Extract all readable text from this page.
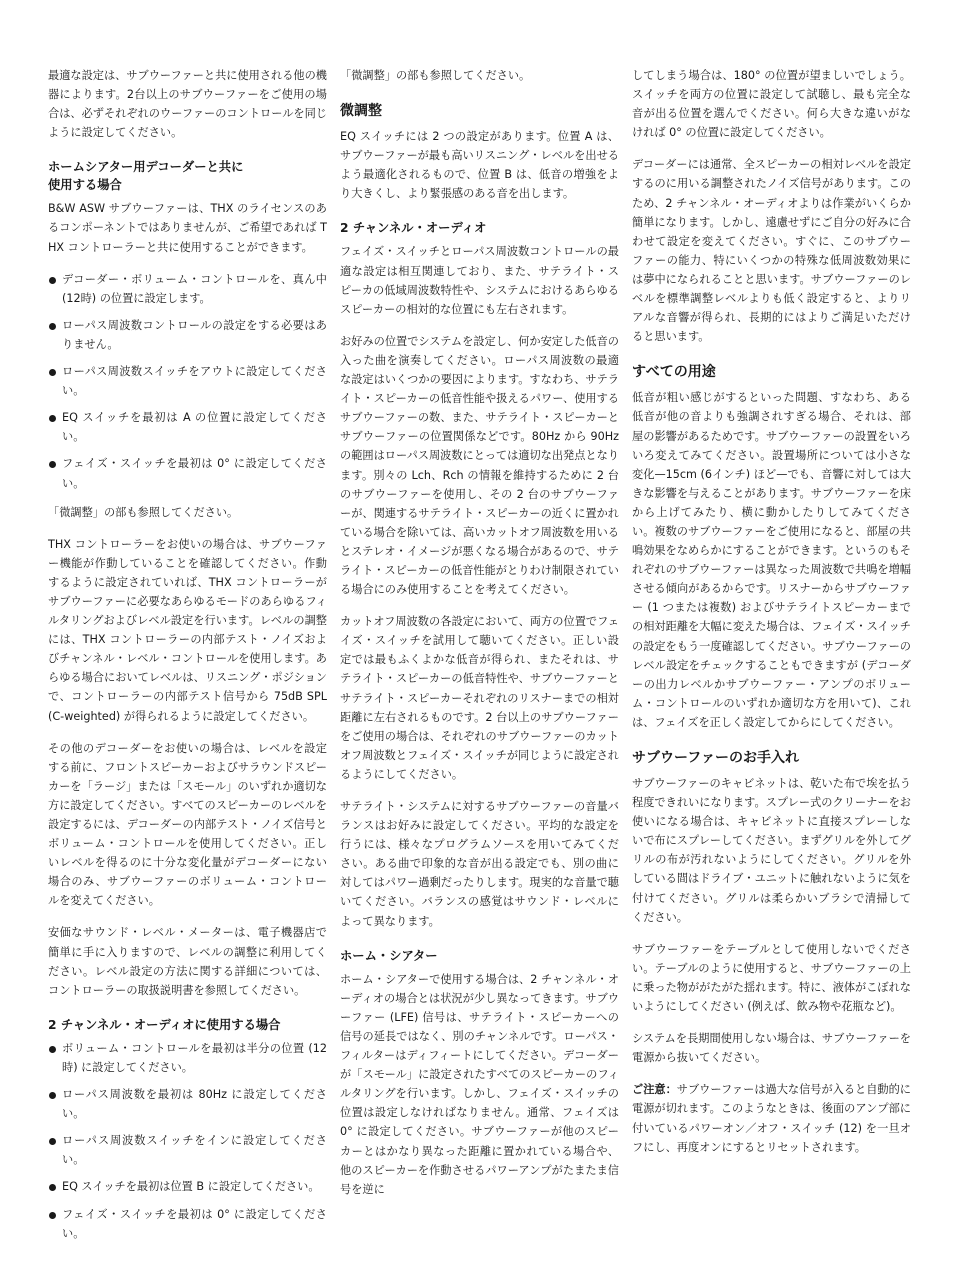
最適な設定は、サブウーファーと共に使用される他の機器によります。2台以上のサブウーファーをご使用の場合は、必ずそれぞれのウーファーのコントロールを同じように設定してください。

ホームシアター用デコーダーと共に
使用する場合

B&W ASW サブウーファーは、THX のライセンスのあるコンポーネントではありませんが、ご希望であれば THX コントローラーと共に使用することができます。

デコーダー・ボリューム・コントロールを、真ん中 (12時) の位置に設定します。
ローパス周波数コントロールの設定をする必要はありません。
ローパス周波数スイッチをアウトに設定してください。
EQ スイッチを最初は A の位置に設定してください。
フェイズ・スイッチを最初は 0° に設定してください。

「微調整」の部も参照してください。

THX コントローラーをお使いの場合は、サブウーファー機能が作動していることを確認してください。作動するように設定されていれば、THX コントローラーがサブウーファーに必要なあらゆるモードのあらゆるフィルタリングおよびレベル設定を行います。レベルの調整には、THX コントローラーの内部テスト・ノイズおよびチャンネル・レベル・コントロールを使用します。あらゆる場合においてレベルは、リスニング・ポジションで、コントローラーの内部テスト信号から 75dB SPL (C-weighted) が得られるように設定してください。

その他のデコーダーをお使いの場合は、レベルを設定する前に、フロントスピーカーおよびサラウンドスピーカーを「ラージ」または「スモール」のいずれか適切な方に設定してください。すべてのスピーカーのレベルを設定するには、デコーダーの内部テスト・ノイズ信号とボリューム・コントロールを使用してください。正しいレベルを得るのに十分な変化量がデコーダーにない場合のみ、サブウーファーのボリューム・コントロールを変えてください。

安価なサウンド・レベル・メーターは、電子機器店で簡単に手に入りますので、レベルの調整に利用してください。レベル設定の方法に関する詳細については、コントローラーの取扱説明書を参照してください。

2 チャンネル・オーディオに使用する場合
ボリューム・コントロールを最初は半分の位置 (12時) に設定してください。
ローパス周波数を最初は 80Hz に設定してください。
ローパス周波数スイッチをインに設定してください。
EQ スイッチを最初は位置 B に設定してください。
フェイズ・スイッチを最初は 0° に設定してください。

「微調整」の部も参照してください。

微調整

EQ スイッチには 2 つの設定があります。位置 A は、サブウーファーが最も高いリスニング・レベルを出せるよう最適化されるもので、位置 B は、低音の増強をより大きくし、より緊張感のある音を出します。

2 チャンネル・オーディオ

フェイズ・スイッチとローパス周波数コントロールの最適な設定は相互関連しており、また、サテライト・スピーカの低域周波数特性や、システムにおけるあらゆるスピーカーの相対的な位置にも左右されます。

お好みの位置でシステムを設定し、何か安定した低音の入った曲を演奏してください。ローパス周波数の最適な設定はいくつかの要因によります。すなわち、サテライト・スピーカーの低音性能や扱えるパワー、使用するサブウーファーの数、また、サテライト・スピーカーとサブウーファーの位置関係などです。80Hz から 90Hz の範囲はローパス周波数にとっては適切な出発点となります。別々の Lch、Rch の情報を維持するために 2 台のサブウーファーを使用し、その 2 台のサブウーファーが、関連するサテライト・スピーカーの近くに置かれている場合を除いては、高いカットオフ周波数を用いるとステレオ・イメージが悪くなる場合があるので、サテライト・スピーカーの低音性能がとりわけ制限されている場合にのみ使用することを考えてください。

カットオフ周波数の各設定において、両方の位置でフェイズ・スイッチを試用して聴いてください。正しい設定では最もふくよかな低音が得られ、またそれは、サテライト・スピーカーの低音特性や、サブウーファーとサテライト・スピーカーそれぞれのリスナーまでの相対距離に左右されるものです。2 台以上のサブウーファーをご使用の場合は、それぞれのサブウーファーのカットオフ周波数とフェイズ・スイッチが同じように設定されるようにしてください。

サテライト・システムに対するサブウーファーの音量バランスはお好みに設定してください。平均的な設定を行うには、様々なプログラムソースを用いてみてください。ある曲で印象的な音が出る設定でも、別の曲に対してはパワー過剰だったりします。現実的な音量で聴いてください。バランスの感覚はサウンド・レベルによって異なります。

ホーム・シアター

ホーム・シアターで使用する場合は、2 チャンネル・オーディオの場合とは状況が少し異なってきます。サブウーファー (LFE) 信号は、サテライト・スピーカーへの信号の延長ではなく、別のチャンネルです。ローパス・フィルターはディフィートにしてください。デコーダーが「スモール」に設定されたすべてのスピーカーのフィルタリングを行います。しかし、フェイズ・スイッチの位置は設定しなければなりません。通常、フェイズは 0° に設定してください。サブウーファーが他のスピーカーとはかなり異なった距離に置かれている場合や、他のスピーカーを作動させるパワーアンプがたまたま信号を逆に

してしまう場合は、180° の位置が望ましいでしょう。スイッチを両方の位置に設定して試聴し、最も完全な音が出る位置を選んでください。何ら大きな違いがなければ 0° の位置に設定してください。

デコーダーには通常、全スピーカーの相対レベルを設定するのに用いる調整されたノイズ信号があります。このため、2 チャンネル・オーディオよりは作業がいくらか簡単になります。しかし、遠慮せずにご自分の好みに合わせて設定を変えてください。すぐに、このサブウーファーの能力、特にいくつかの特殊な低周波数効果には夢中になられることと思います。サブウーファーのレベルを標準調整レベルよりも低く設定すると、よりリアルな音響が得られ、長期的にはよりご満足いただけると思います。

すべての用途

低音が粗い感じがするといった問題、すなわち、ある低音が他の音よりも強調されすぎる場合、それは、部屋の影響があるためです。サブウーファーの設置をいろいろ変えてみてください。設置場所については小さな変化—15cm (6インチ) ほど—でも、音響に対しては大きな影響を与えることがあります。サブウーファーを床から上げてみたり、横に動かしたりしてみてください。複数のサブウーファーをご使用になると、部屋の共鳴効果をなめらかにすることができます。というのもそれぞれのサブウーファーは異なった周波数で共鳴を増幅させる傾向があるからです。リスナーからサブウーファー (1 つまたは複数) およびサテライトスピーカーまでの相対距離を大幅に変えた場合は、フェイズ・スイッチの設定をもう一度確認してください。サブウーファーのレベル設定をチェックすることもできますが (デコーダーの出力レベルかサブウーファー・アンプのボリューム・コントロールのいずれか適切な方を用いて)、これは、フェイズを正しく設定してからにしてください。

サブウーファーのお手入れ

サブウーファーのキャビネットは、乾いた布で埃を払う程度できれいになります。スプレー式のクリーナーをお使いになる場合は、キャビネットに直接スプレーしないで布にスプレーしてください。まずグリルを外してグリルの布が汚れないようにしてください。グリルを外している間はドライブ・ユニットに触れないように気を付けてください。グリルは柔らかいブラシで清掃してください。

サブウーファーをテーブルとして使用しないでください。テーブルのように使用すると、サブウーファーの上に乗った物ががたがた揺れます。特に、液体がこぼれないようにしてください (例えば、飲み物や花瓶など)。

システムを長期間使用しない場合は、サブウーファーを電源から抜いてください。

ご注意：サブウーファーは過大な信号が入ると自動的に電源が切れます。このようなときは、後面のアンプ部に付いているパワーオン／オフ・スイッチ (12) を一旦オフにし、再度オンにするとリセットされます。
